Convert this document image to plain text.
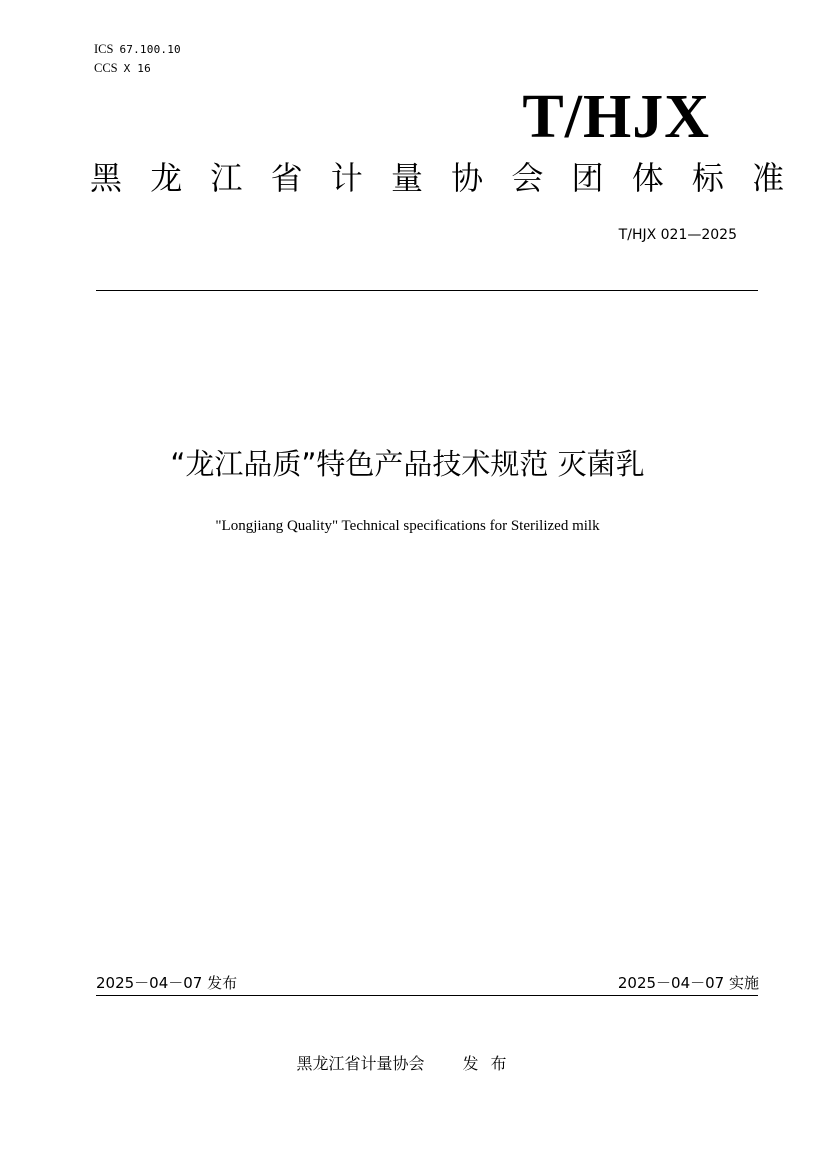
ICS 67.100.10
CCS X 16
T/HJX
黑 龙 江 省 计 量 协 会 团 体 标 准
T/HJX 021—2025
“龙江品质”特色产品技术规范 灭菌乳
"Longjiang Quality" Technical specifications for Sterilized milk
2025－04－07 发布	2025－04－07 实施
黑龙江省计量协会 发布
